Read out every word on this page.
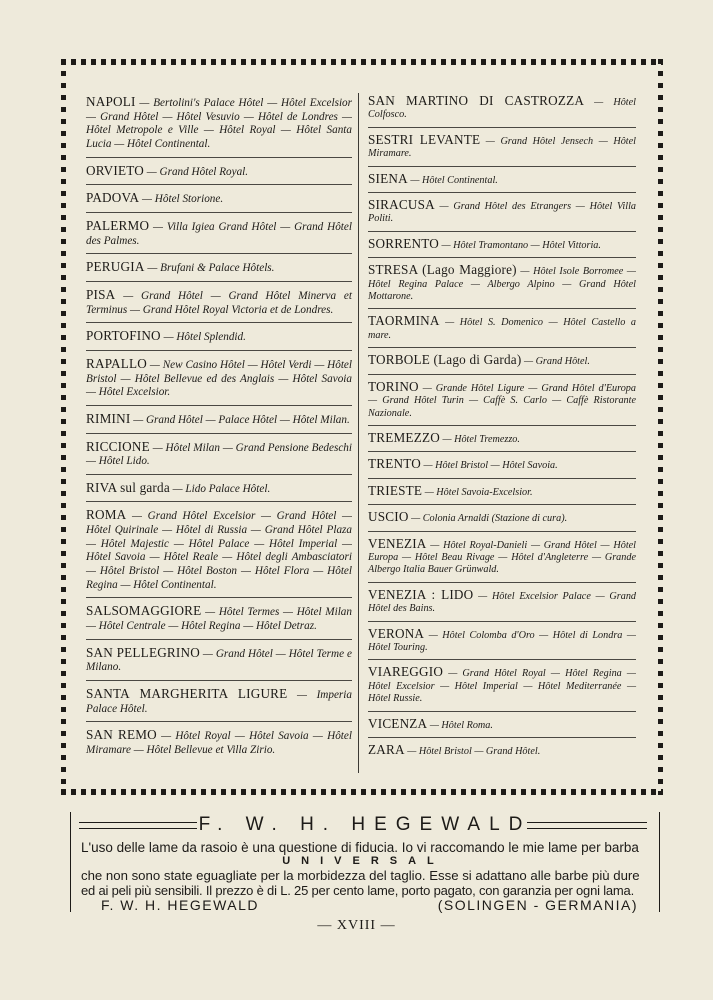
NAPOLI — Bertolini's Palace Hôtel — Hôtel Excelsior — Grand Hôtel — Hôtel Vesuvio — Hôtel de Londres — Hôtel Metropole e Ville — Hôtel Royal — Hôtel Santa Lucia — Hôtel Continental.
ORVIETO — Grand Hôtel Royal.
PADOVA — Hôtel Storione.
PALERMO — Villa Igiea Grand Hôtel — Grand Hôtel des Palmes.
PERUGIA — Brufani & Palace Hôtels.
PISA — Grand Hôtel — Grand Hôtel Minerva et Terminus — Grand Hôtel Royal Victoria et de Londres.
PORTOFINO — Hôtel Splendid.
RAPALLO — New Casino Hôtel — Hôtel Verdi — Hôtel Bristol — Hôtel Bellevue ed des Anglais — Hôtel Savoia — Hôtel Excelsior.
RIMINI — Grand Hôtel — Palace Hôtel — Hôtel Milan.
RICCIONE — Hôtel Milan — Grand Pensione Bedeschi — Hôtel Lido.
RIVA sul garda — Lido Palace Hôtel.
ROMA — Grand Hôtel Excelsior — Grand Hôtel — Hôtel Quirinale — Hôtel di Russia — Grand Hôtel Plaza — Hôtel Majestic — Hôtel Palace — Hôtel Imperial — Hôtel Savoia — Hôtel Reale — Hôtel degli Ambasciatori — Hôtel Bristol — Hôtel Boston — Hôtel Flora — Hôtel Regina — Hôtel Continental.
SALSOMAGGIORE — Hôtel Termes — Hôtel Milan — Hôtel Centrale — Hôtel Regina — Hôtel Detraz.
SAN PELLEGRINO — Grand Hôtel — Hôtel Terme e Milano.
SANTA MARGHERITA LIGURE — Imperia Palace Hôtel.
SAN REMO — Hôtel Royal — Hôtel Savoia — Hôtel Miramare — Hôtel Bellevue et Villa Zirio.
SAN MARTINO DI CASTROZZA — Hôtel Colfosco.
SESTRI LEVANTE — Grand Hôtel Jensech — Hôtel Miramare.
SIENA — Hôtel Continental.
SIRACUSA — Grand Hôtel des Etrangers — Hôtel Villa Politi.
SORRENTO — Hôtel Tramontano — Hôtel Vittoria.
STRESA (Lago Maggiore) — Hôtel Isole Borromee — Hôtel Regina Palace — Albergo Alpino — Grand Hôtel Mottarone.
TAORMINA — Hôtel S. Domenico — Hôtel Castello a mare.
TORBOLE (Lago di Garda) — Grand Hôtel.
TORINO — Grande Hôtel Ligure — Grand Hôtel d'Europa — Grand Hôtel Turin — Caffè S. Carlo — Caffè Ristorante Nazionale.
TREMEZZO — Hôtel Tremezzo.
TRENTO — Hôtel Bristol — Hôtel Savoia.
TRIESTE — Hôtel Savoia-Excelsior.
USCIO — Colonia Arnaldi (Stazione di cura).
VENEZIA — Hôtel Royal-Danieli — Grand Hôtel — Hôtel Europa — Hôtel Beau Rivage — Hôtel d'Angleterre — Grande Albergo Italia Bauer Grünwald.
VENEZIA : LIDO — Hôtel Excelsior Palace — Grand Hôtel des Bains.
VERONA — Hôtel Colomba d'Oro — Hôtel di Londra — Hôtel Touring.
VIAREGGIO — Grand Hôtel Royal — Hôtel Regina — Hôtel Excelsior — Hôtel Imperial — Hôtel Mediterranée — Hôtel Russie.
VICENZA — Hôtel Roma.
ZARA — Hôtel Bristol — Grand Hôtel.
F. W. H. HEGEWALD
L'uso delle lame da rasoio è una questione di fiducia. Io vi raccomando le mie lame per barba
UNIVERSAL
che non sono state eguagliate per la morbidezza del taglio. Esse si adattano alle barbe più dure
ed ai peli più sensibili. Il prezzo è di L. 25 per cento lame, porto pagato, con garanzia per ogni lama.
F. W. H. HEGEWALD	(SOLINGEN - GERMANIA)
— XVIII —
